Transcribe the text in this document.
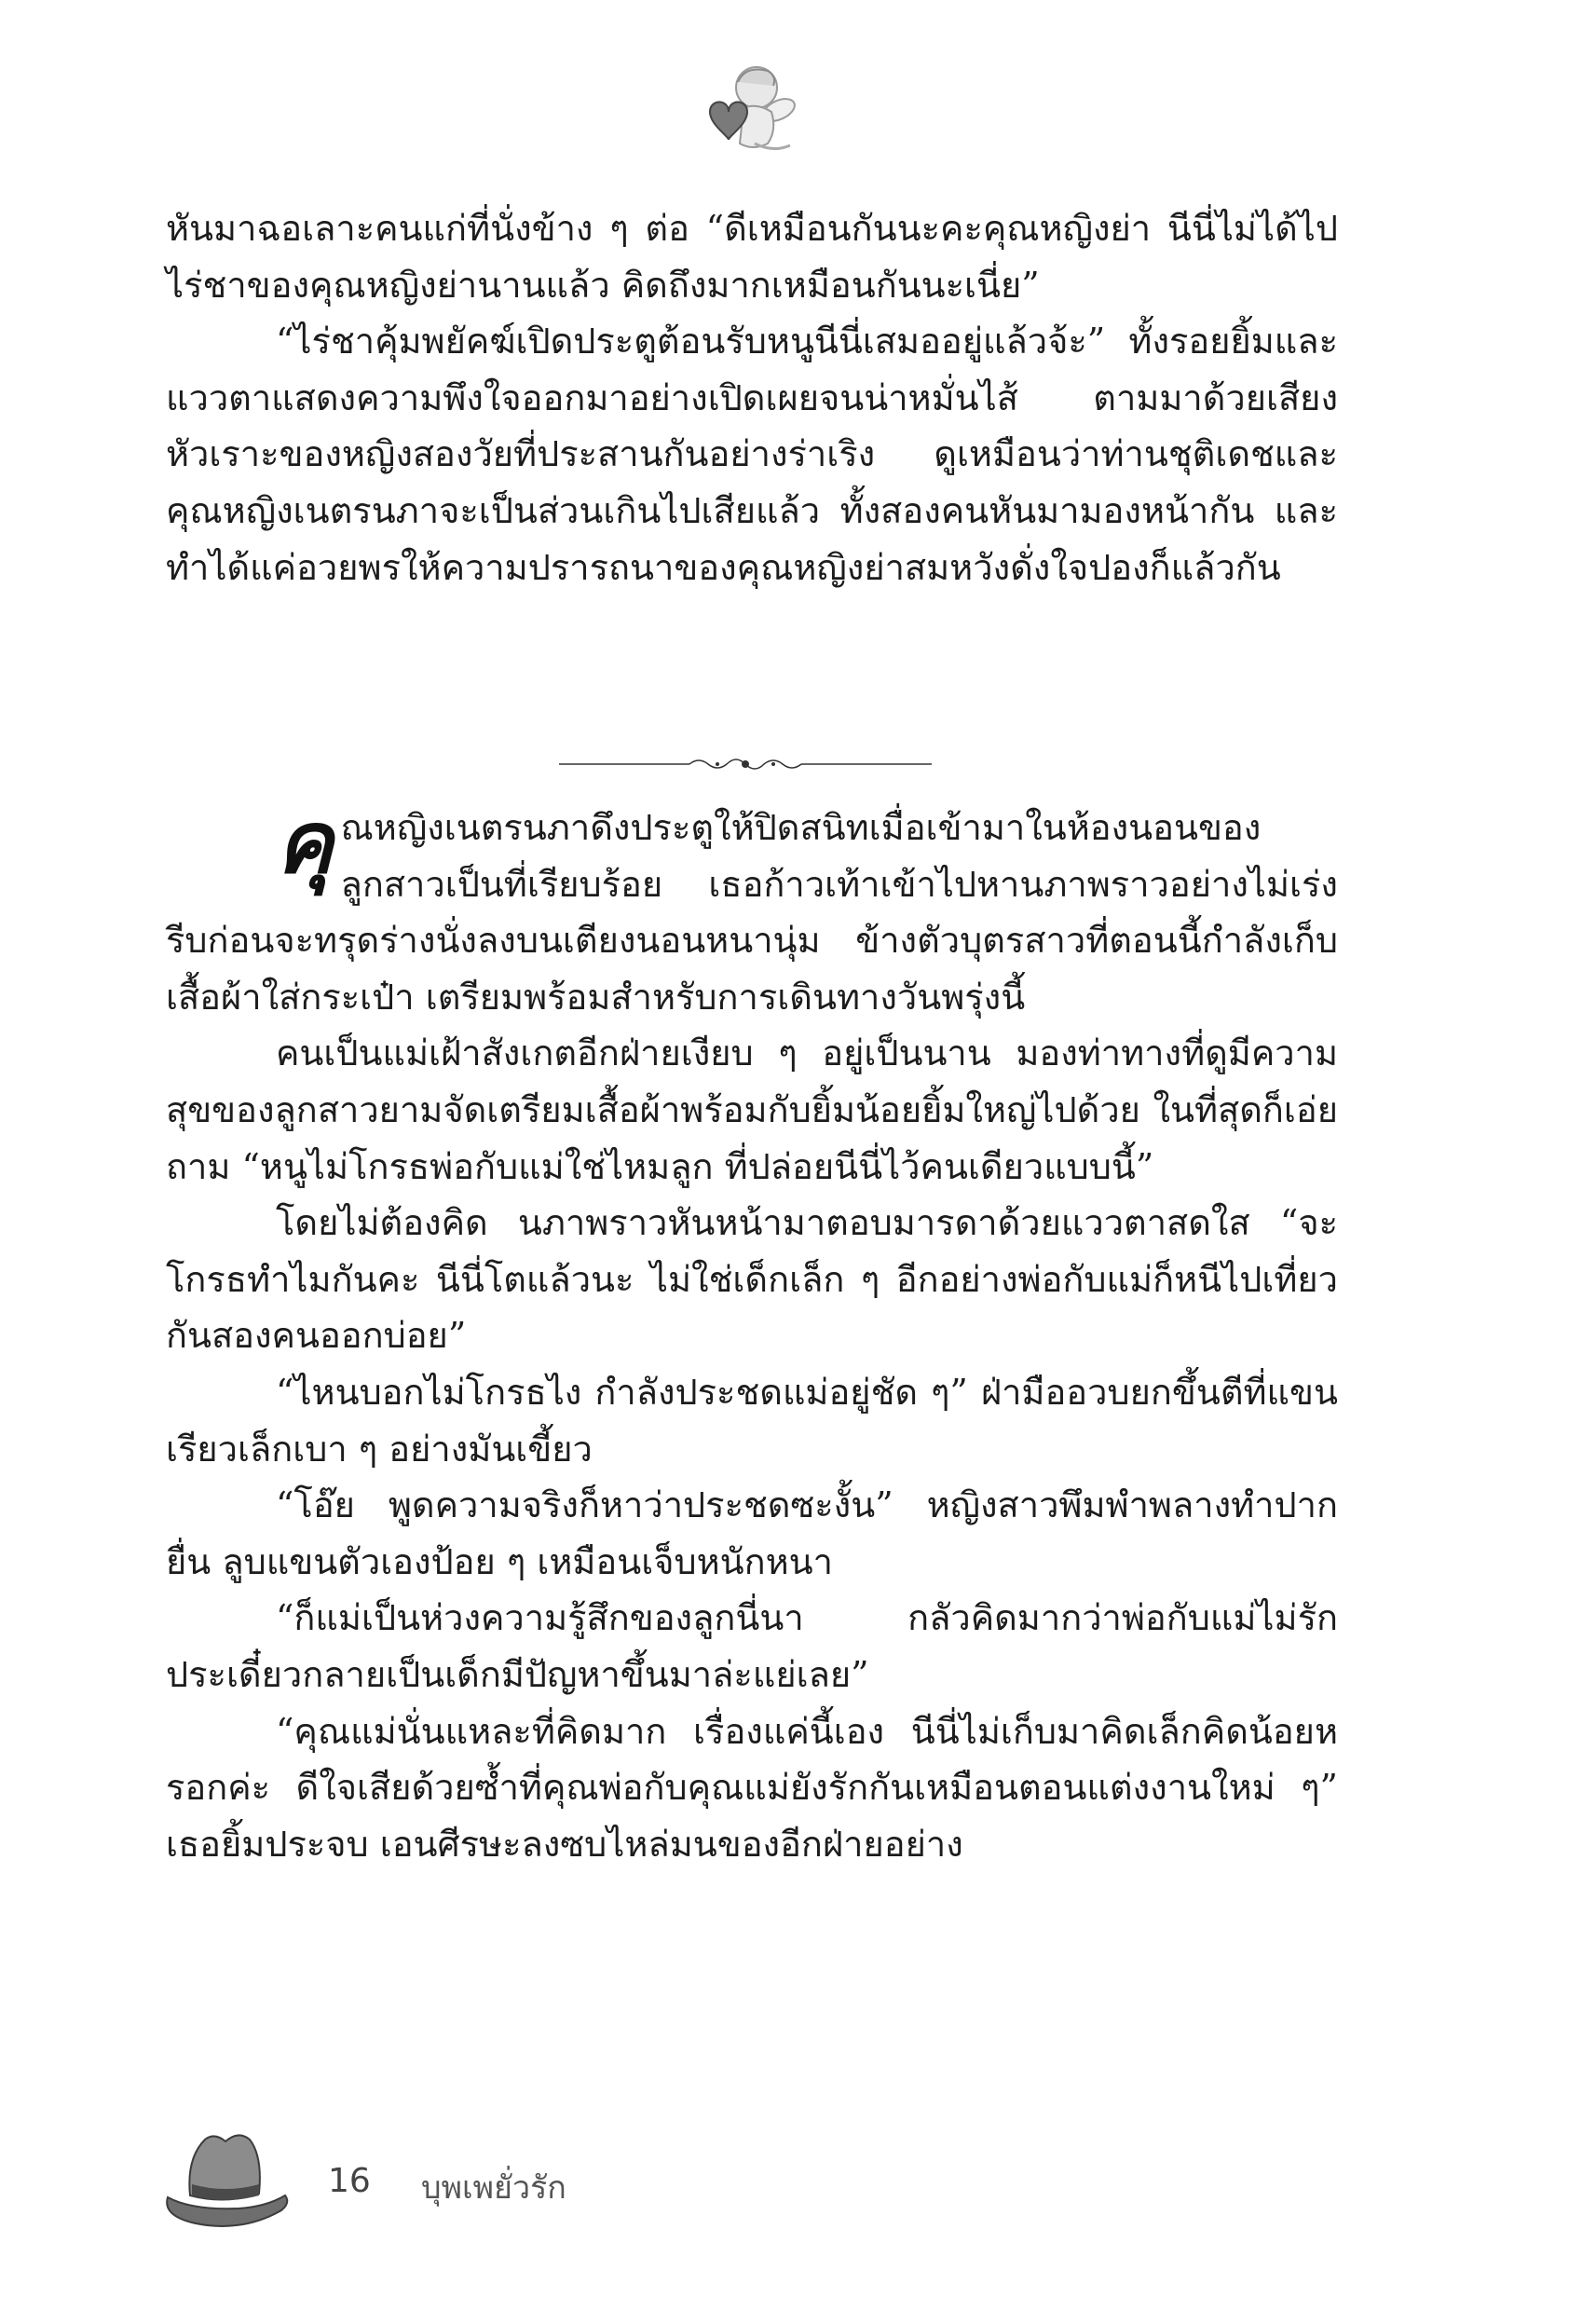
หันมาฉอเลาะคนแก่ที่นั่งข้าง ๆ ต่อ “ดีเหมือนกันนะคะคุณหญิงย่า นีนี่ไม่ได้ไปไร่ชาของคุณหญิงย่านานแล้ว คิดถึงมากเหมือนกันนะเนี่ย”

“ไร่ชาคุ้มพยัคฆ์เปิดประตูต้อนรับหนูนีนี่เสมออยู่แล้วจ้ะ” ทั้งรอยยิ้มและแววตาแสดงความพึงใจออกมาอย่างเปิดเผยจนน่าหมั่นไส้ ตามมาด้วยเสียงหัวเราะของหญิงสองวัยที่ประสานกันอย่างร่าเริง ดูเหมือนว่าท่านชุติเดชและคุณหญิงเนตรนภาจะเป็นส่วนเกินไปเสียแล้ว ทั้งสองคนหันมามองหน้ากัน และทำได้แค่อวยพรให้ความปรารถนาของคุณหญิงย่าสมหวังดั่งใจปองก็แล้วกัน

คุณหญิงเนตรนภาดึงประตูให้ปิดสนิทเมื่อเข้ามาในห้องนอนของลูกสาวเป็นที่เรียบร้อย เธอก้าวเท้าเข้าไปหานภาพราวอย่างไม่เร่งรีบก่อนจะทรุดร่างนั่งลงบนเตียงนอนหนานุ่ม ข้างตัวบุตรสาวที่ตอนนี้กำลังเก็บเสื้อผ้าใส่กระเป๋า เตรียมพร้อมสำหรับการเดินทางวันพรุ่งนี้

คนเป็นแม่เฝ้าสังเกตอีกฝ่ายเงียบ ๆ อยู่เป็นนาน มองท่าทางที่ดูมีความสุขของลูกสาวยามจัดเตรียมเสื้อผ้าพร้อมกับยิ้มน้อยยิ้มใหญ่ไปด้วย ในที่สุดก็เอ่ยถาม “หนูไม่โกรธพ่อกับแม่ใช่ไหมลูก ที่ปล่อยนีนี่ไว้คนเดียวแบบนี้”

โดยไม่ต้องคิด นภาพราวหันหน้ามาตอบมารดาด้วยแววตาสดใส “จะโกรธทำไมกันคะ นีนี่โตแล้วนะ ไม่ใช่เด็กเล็ก ๆ อีกอย่างพ่อกับแม่ก็หนีไปเที่ยวกันสองคนออกบ่อย”

“ไหนบอกไม่โกรธไง กำลังประชดแม่อยู่ชัด ๆ” ฝ่ามืออวบยกขึ้นตีที่แขนเรียวเล็กเบา ๆ อย่างมันเขี้ยว

“โอ๊ย พูดความจริงก็หาว่าประชดซะงั้น” หญิงสาวพึมพำพลางทำปากยื่น ลูบแขนตัวเองป้อย ๆ เหมือนเจ็บหนักหนา

“ก็แม่เป็นห่วงความรู้สึกของลูกนี่นา กลัวคิดมากว่าพ่อกับแม่ไม่รักประเดี๋ยวกลายเป็นเด็กมีปัญหาขึ้นมาล่ะแย่เลย”

“คุณแม่นั่นแหละที่คิดมาก เรื่องแค่นี้เอง นีนี่ไม่เก็บมาคิดเล็กคิดน้อยหรอกค่ะ ดีใจเสียด้วยซ้ำที่คุณพ่อกับคุณแม่ยังรักกันเหมือนตอนแต่งงานใหม่ ๆ” เธอยิ้มประจบ เอนศีรษะลงซบไหล่มนของอีกฝ่ายอย่าง

16 บุพเพยั่วรัก
